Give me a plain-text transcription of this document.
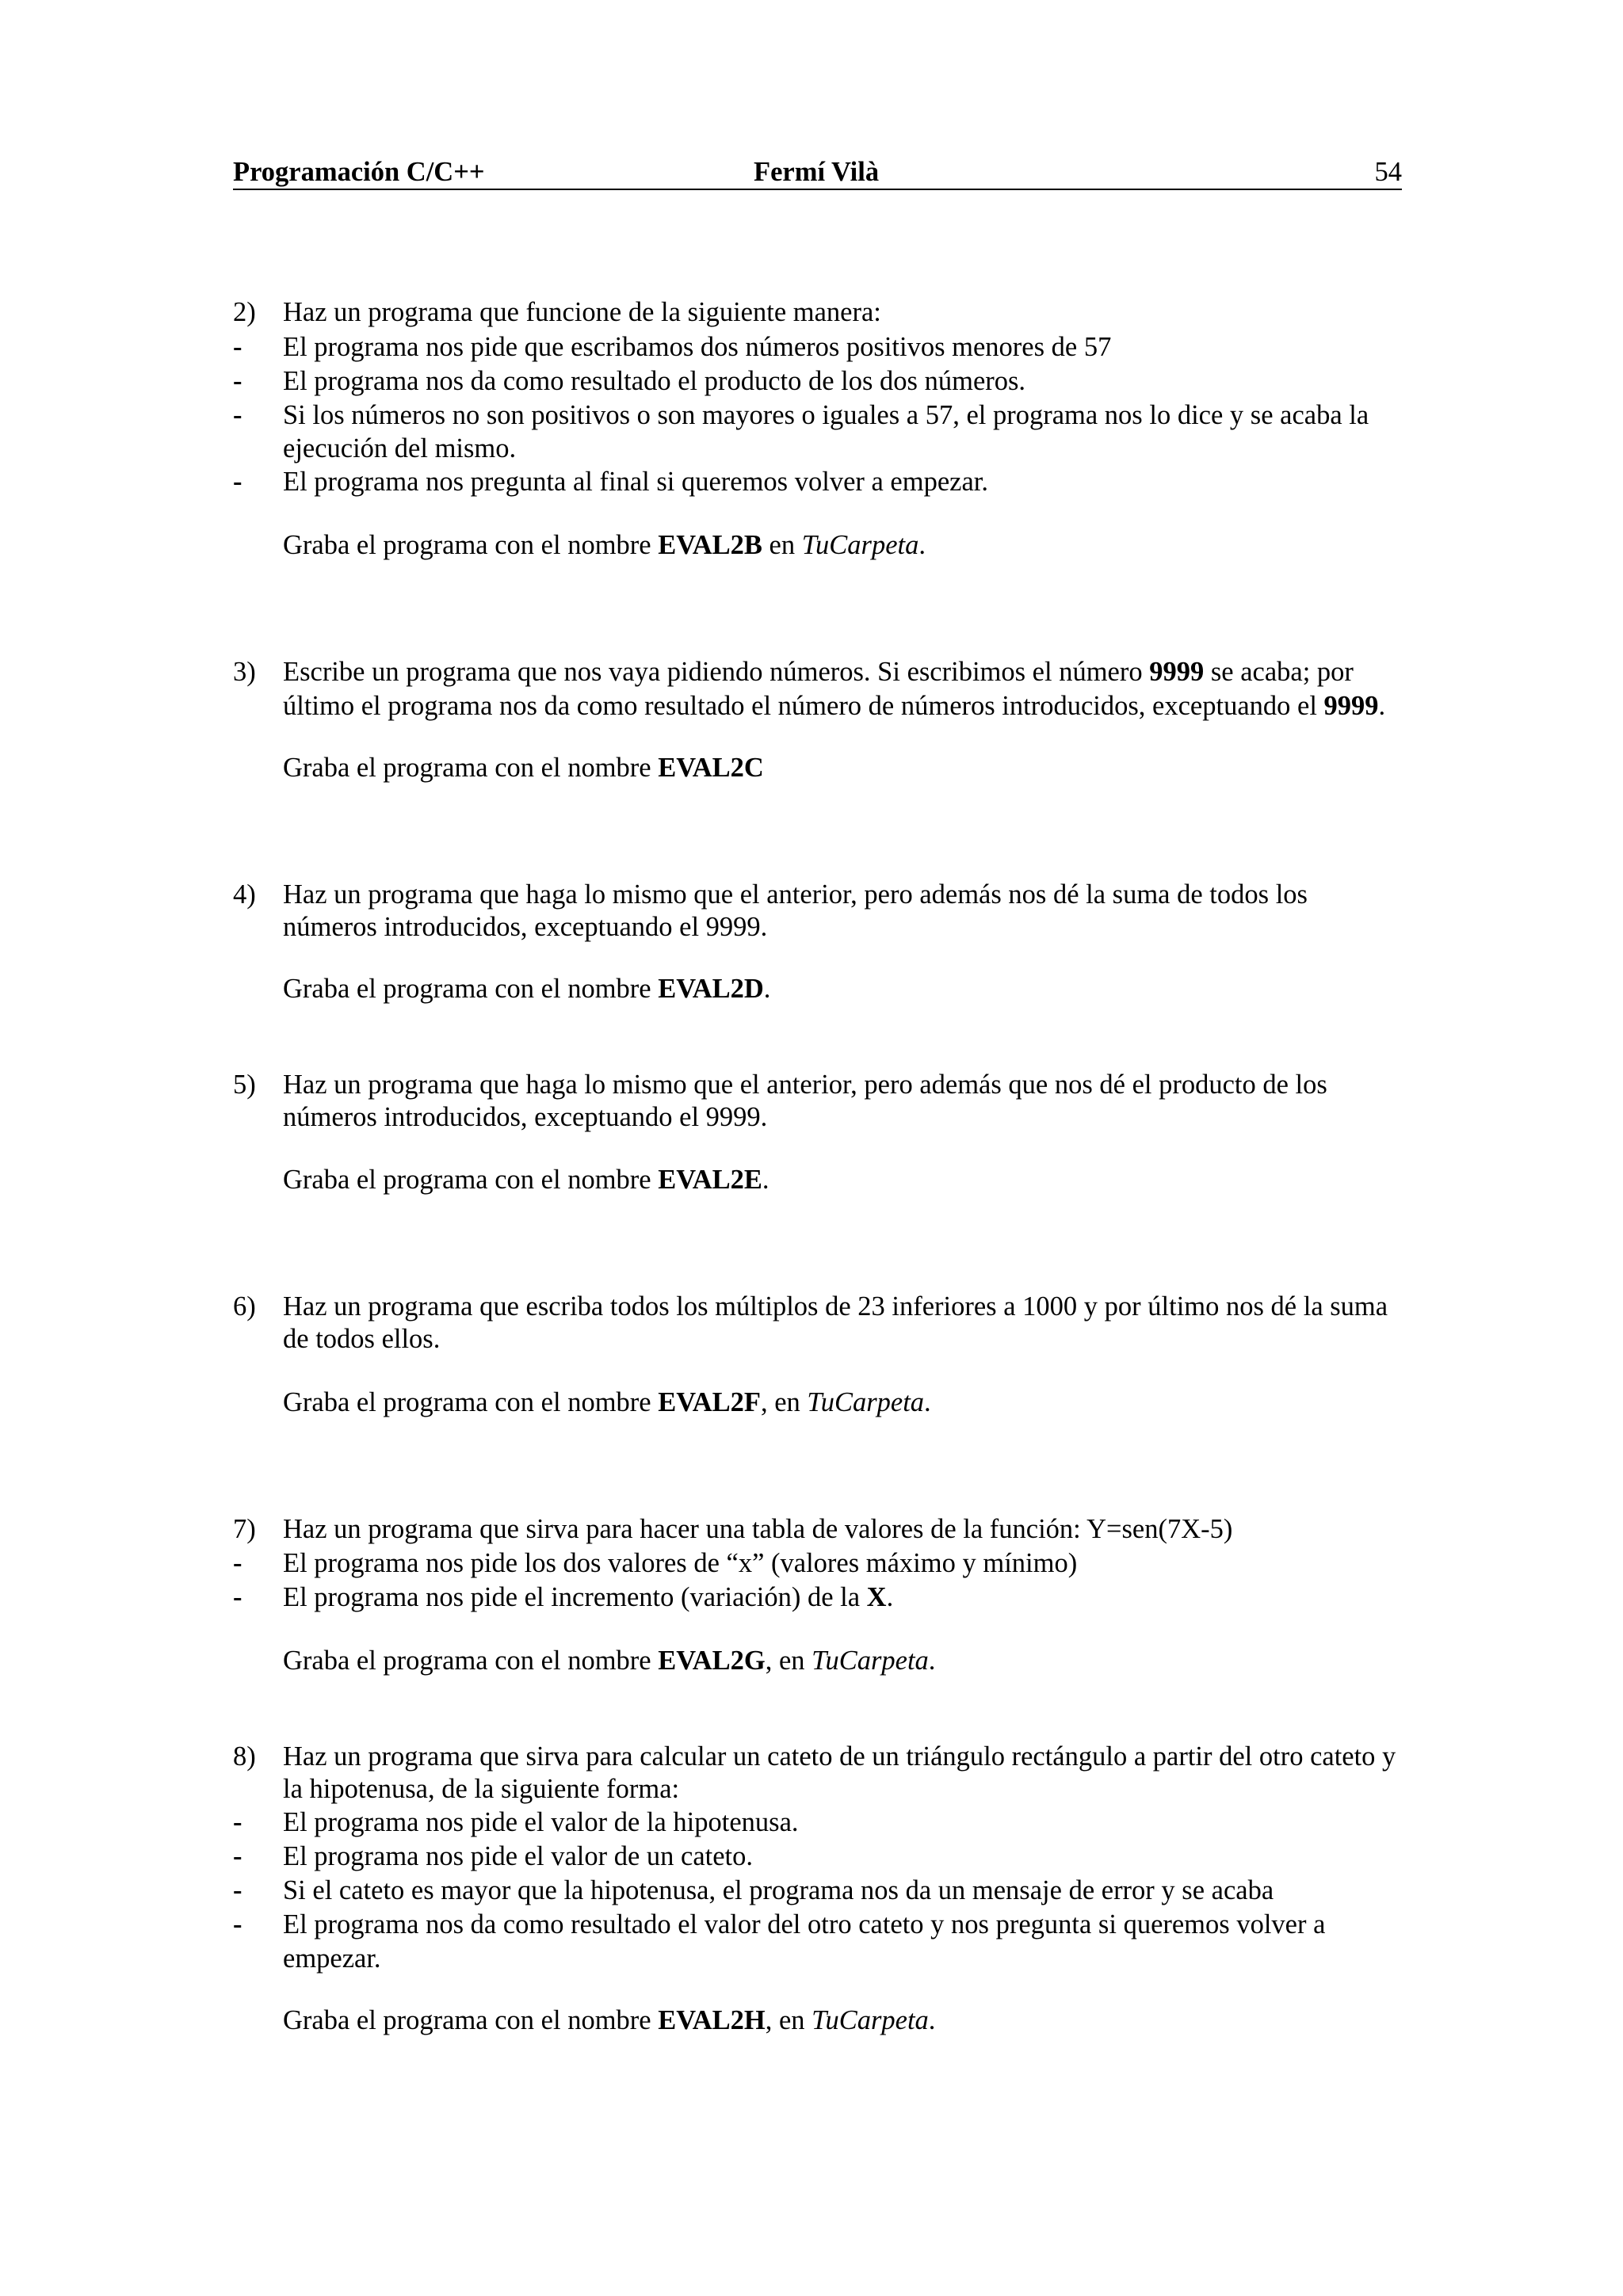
Programación C/C++	Fermí Vilà	54
2) Haz un programa que funcione de la siguiente manera:
- El programa nos pide que escribamos dos números positivos menores de 57
- El programa nos da como resultado el producto de los dos números.
- Si los números no son positivos o son mayores o iguales a 57, el programa nos lo dice y se acaba la
ejecución del mismo.
- El programa nos pregunta al final si queremos volver a empezar.
Graba el programa con el nombre EVAL2B en TuCarpeta.
3) Escribe un programa que nos vaya pidiendo números. Si escribimos el número 9999 se acaba; por
último el programa nos da como resultado el número de números introducidos, exceptuando el 9999.
Graba el programa con el nombre EVAL2C
4) Haz un programa que haga lo mismo que el anterior, pero además nos dé la suma de todos los
números introducidos, exceptuando el 9999.
Graba el programa con el nombre EVAL2D.
5) Haz un programa que haga lo mismo que el anterior, pero además que nos dé el producto de los
números introducidos, exceptuando el 9999.
Graba el programa con el nombre EVAL2E.
6) Haz un programa que escriba todos los múltiplos de 23 inferiores a 1000 y por último nos dé la suma
de todos ellos.
Graba el programa con el nombre EVAL2F, en TuCarpeta.
7) Haz un programa que sirva para hacer una tabla de valores de la función: Y=sen(7X-5)
- El programa nos pide los dos valores de “x” (valores máximo y mínimo)
- El programa nos pide el incremento (variación) de la X.
Graba el programa con el nombre EVAL2G, en TuCarpeta.
8) Haz un programa que sirva para calcular un cateto de un triángulo rectángulo a partir del otro cateto y
la hipotenusa, de la siguiente forma:
- El programa nos pide el valor de la hipotenusa.
- El programa nos pide el valor de un cateto.
- Si el cateto es mayor que la hipotenusa, el programa nos da un mensaje de error y se acaba
- El programa nos da como resultado el valor del otro cateto y nos pregunta si queremos volver a
empezar.
Graba el programa con el nombre EVAL2H, en TuCarpeta.
